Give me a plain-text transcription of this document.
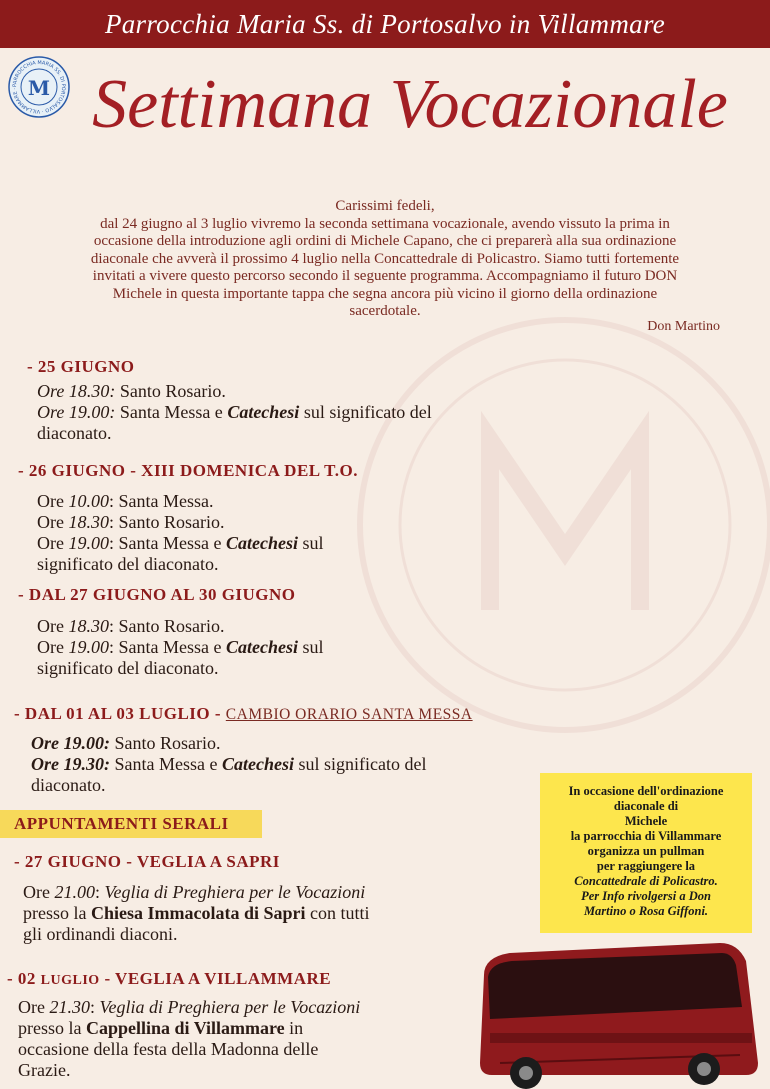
Parrocchia Maria Ss. di Portosalvo in Villammare
PARROCCHIA MARIA SS. DI PORTOSALVO · VILLAMMARE · M Settimana Vocazionale
Carissimi fedeli,
dal 24 giugno al 3 luglio vivremo la seconda settimana vocazionale, avendo vissuto la prima in
occasione della introduzione agli ordini di Michele Capano, che ci preparerà alla sua ordinazione
diaconale che avverà il prossimo 4 luglio nella Concattedrale di Policastro. Siamo tutti fortemente
invitati a vivere questo percorso secondo il seguente programma. Accompagniamo il futuro DON
Michele in questa importante tappa che segna ancora più vicino il giorno della ordinazione
sacerdotale.
Don Martino
- 25 GIUGNO
Ore 18.30: Santo Rosario.
Ore 19.00: Santa Messa e Catechesi sul significato del
diaconato.
- 26 GIUGNO - XIII DOMENICA DEL T.O.
Ore 10.00: Santa Messa.
Ore 18.30: Santo Rosario.
Ore 19.00: Santa Messa e Catechesi sul
significato del diaconato.
- DAL 27 GIUGNO AL 30 GIUGNO
Ore 18.30: Santo Rosario.
Ore 19.00: Santa Messa e Catechesi sul
significato del diaconato.
- DAL 01 AL 03 LUGLIO - CAMBIO ORARIO SANTA MESSA
Ore 19.00: Santo Rosario.
Ore 19.30: Santa Messa e Catechesi sul significato del
diaconato.
APPUNTAMENTI SERALI
- 27 GIUGNO - VEGLIA A SAPRI
Ore 21.00: Veglia di Preghiera per le Vocazioni
presso la Chiesa Immacolata di Sapri con tutti
gli ordinandi diaconi.
- 02 LUGLIO - VEGLIA A VILLAMMARE
Ore 21.30: Veglia di Preghiera per le Vocazioni
presso la Cappellina di Villammare in
occasione della festa della Madonna delle
Grazie.

In occasione dell'ordinazione

diaconale di

Michele

la parrocchia di Villammare

organizza un pullman

per raggiungere la

Concattedrale di Policastro.

Per Info rivolgersi a Don

Martino o Rosa Giffoni.
